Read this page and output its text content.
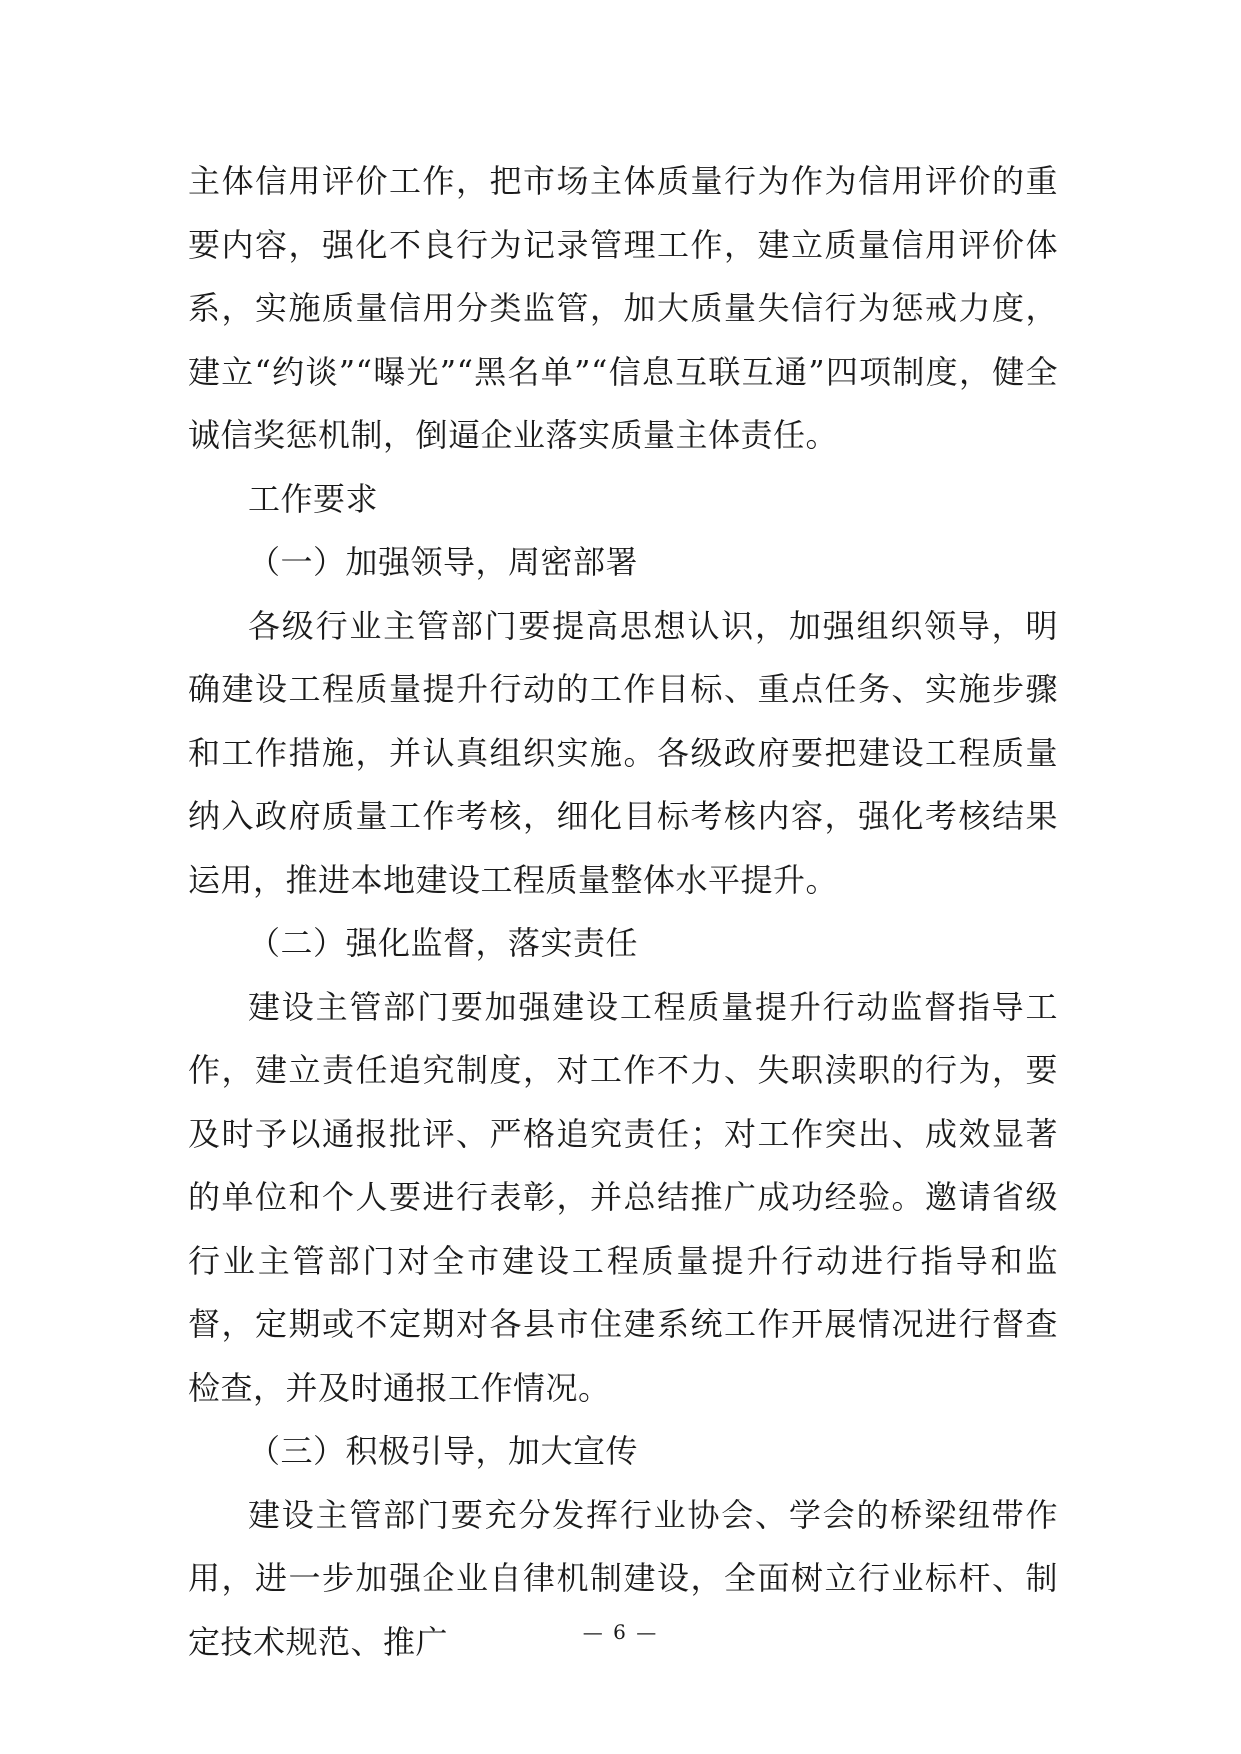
主体信用评价工作，把市场主体质量行为作为信用评价的重要内容，强化不良行为记录管理工作，建立质量信用评价体系，实施质量信用分类监管，加大质量失信行为惩戒力度，建立“约谈”“曝光”“黑名单”“信息互联互通”四项制度，健全诚信奖惩机制，倒逼企业落实质量主体责任。

工作要求

（一）加强领导，周密部署

各级行业主管部门要提高思想认识，加强组织领导，明确建设工程质量提升行动的工作目标、重点任务、实施步骤和工作措施，并认真组织实施。各级政府要把建设工程质量纳入政府质量工作考核，细化目标考核内容，强化考核结果运用，推进本地建设工程质量整体水平提升。

（二）强化监督，落实责任

建设主管部门要加强建设工程质量提升行动监督指导工作，建立责任追究制度，对工作不力、失职渎职的行为，要及时予以通报批评、严格追究责任；对工作突出、成效显著的单位和个人要进行表彰，并总结推广成功经验。邀请省级行业主管部门对全市建设工程质量提升行动进行指导和监督，定期或不定期对各县市住建系统工作开展情况进行督查检查，并及时通报工作情况。

（三）积极引导，加大宣传

建设主管部门要充分发挥行业协会、学会的桥梁纽带作用，进一步加强企业自律机制建设，全面树立行业标杆、制定技术规范、推广	— 6 —
